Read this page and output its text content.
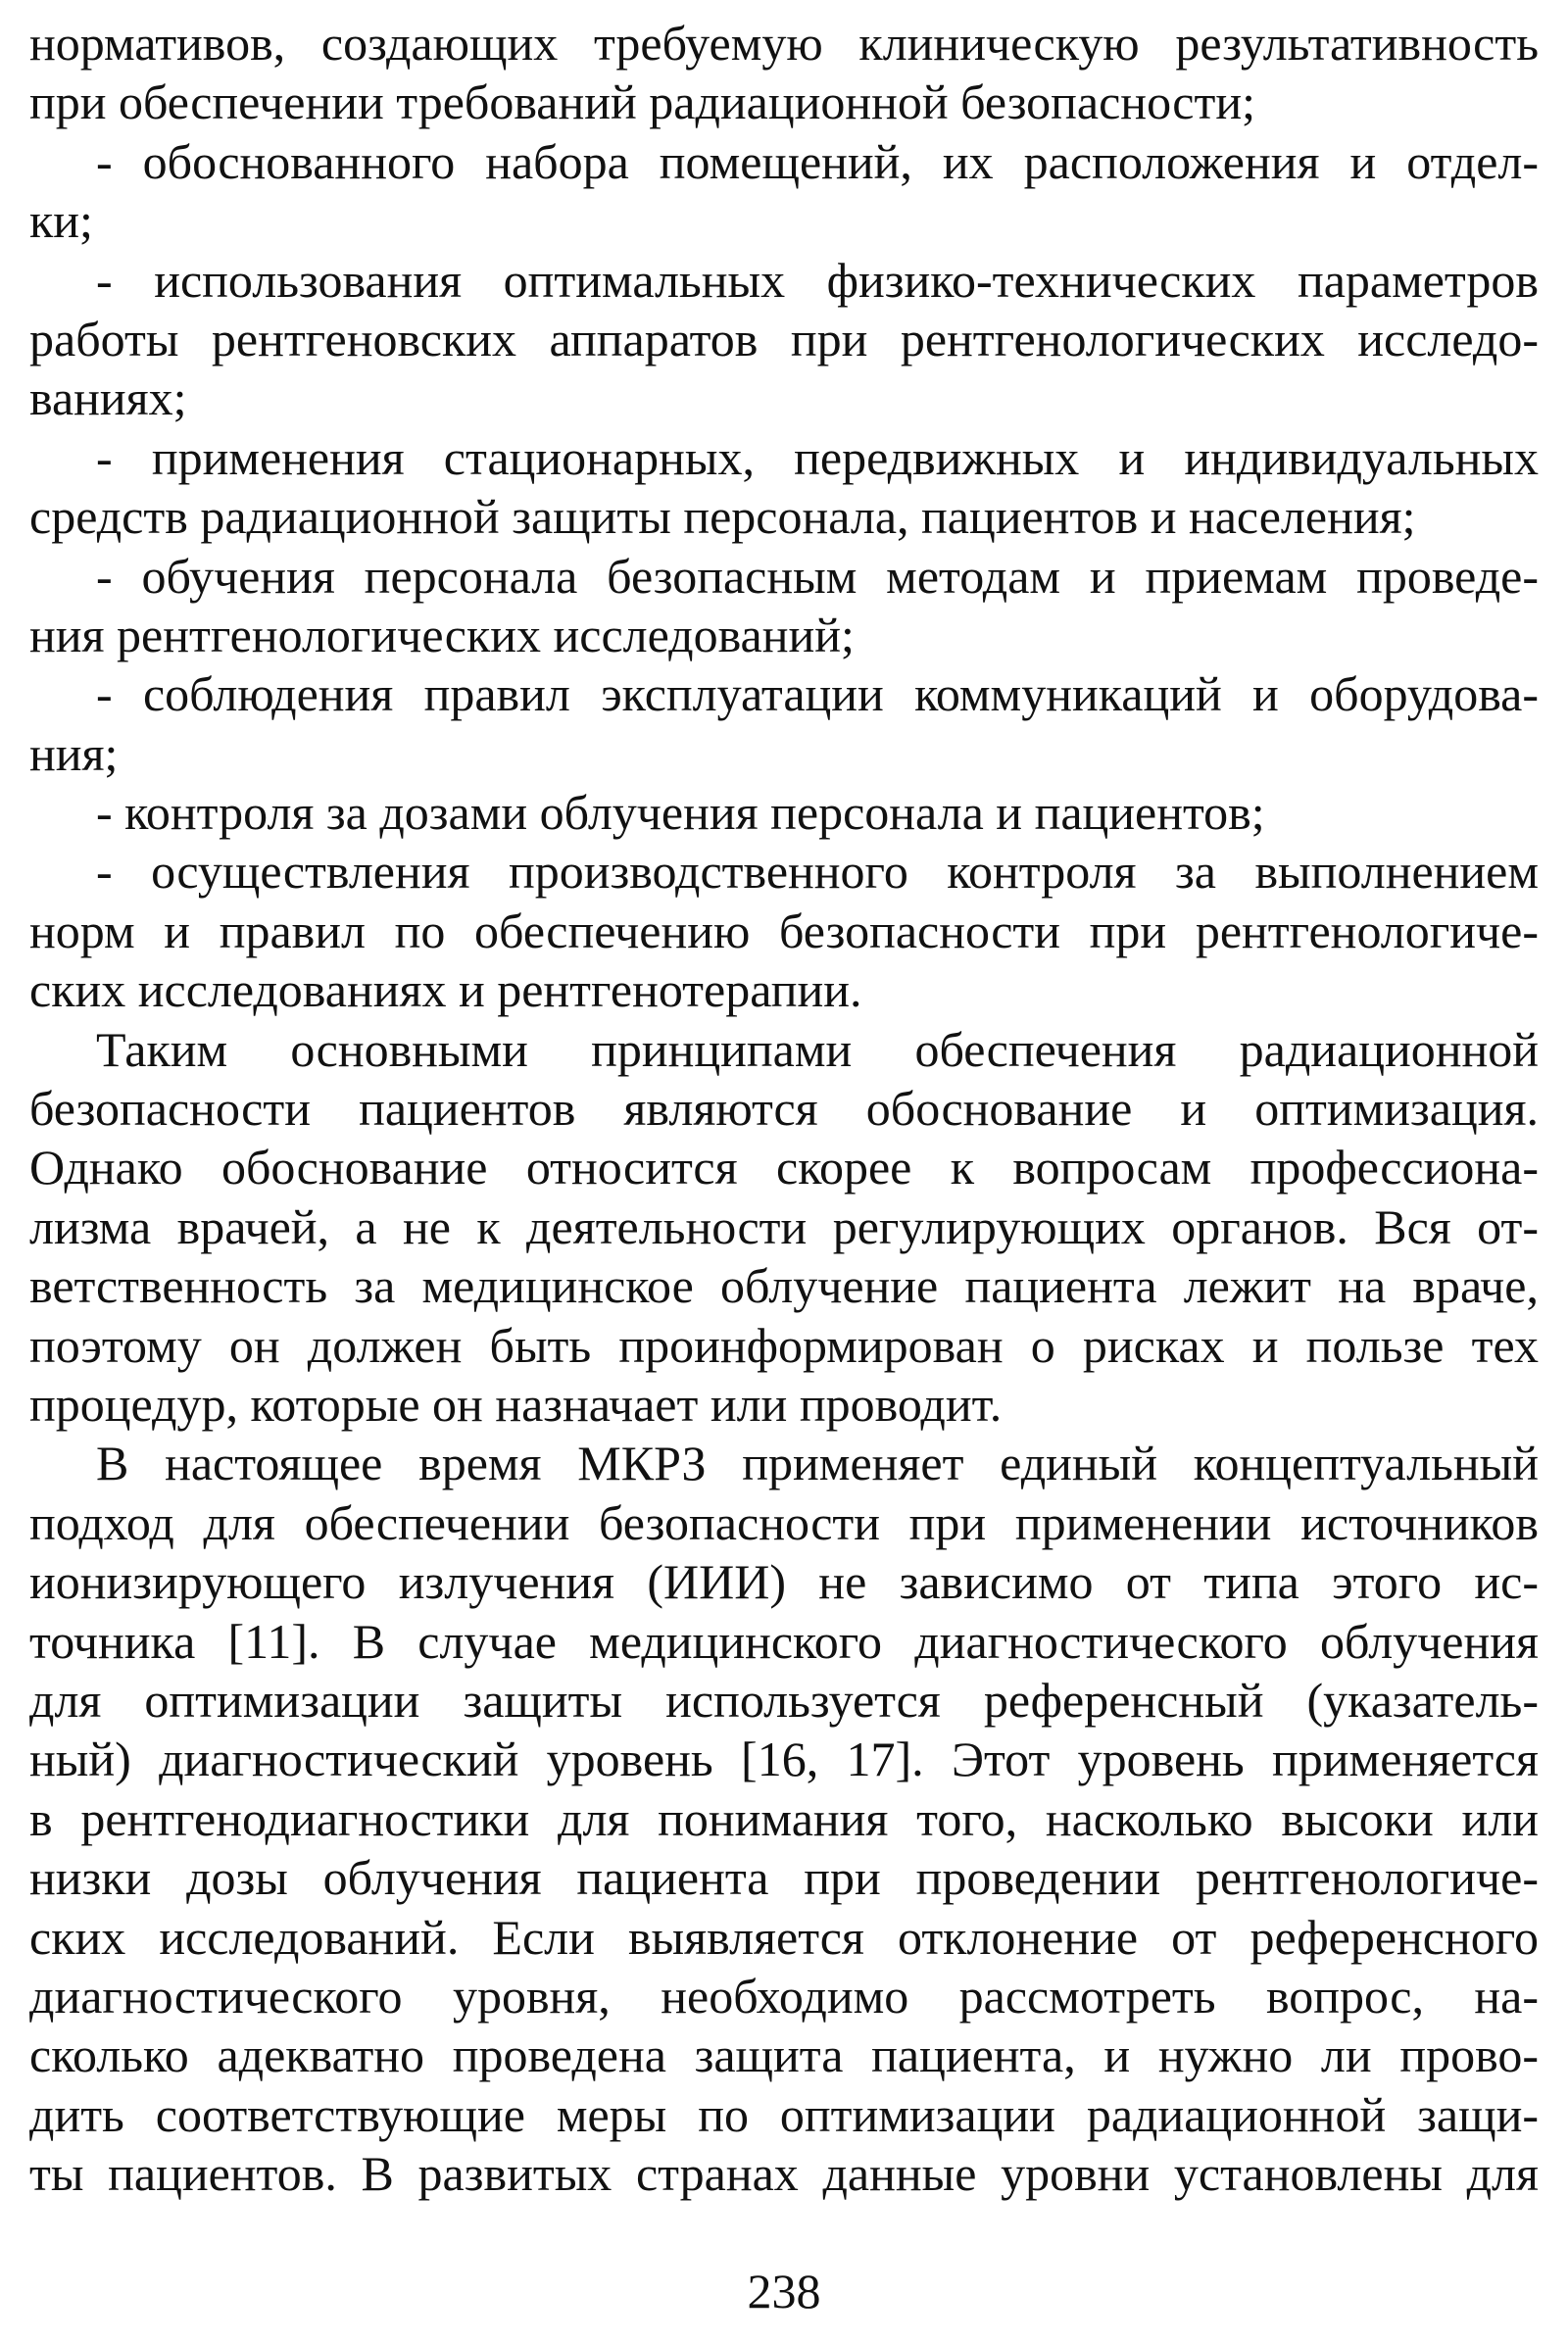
нормативов, создающих требуемую клиническую результативность
при обеспечении требований радиационной безопасности;
- обоснованного набора помещений, их расположения и отдел-
ки;
- использования оптимальных физико-технических параметров
работы рентгеновских аппаратов при рентгенологических исследо-
ваниях;
- применения стационарных, передвижных и индивидуальных
средств радиационной защиты персонала, пациентов и населения;
- обучения персонала безопасным методам и приемам проведе-
ния рентгенологических исследований;
- соблюдения правил эксплуатации коммуникаций и оборудова-
ния;
- контроля за дозами облучения персонала и пациентов;
- осуществления производственного контроля за выполнением
норм и правил по обеспечению безопасности при рентгенологиче-
ских исследованиях и рентгенотерапии.
Таким основными принципами обеспечения радиационной
безопасности пациентов являются обоснование и оптимизация.
Однако обоснование относится скорее к вопросам профессиона-
лизма врачей, а не к деятельности регулирующих органов. Вся от-
ветственность за медицинское облучение пациента лежит на враче,
поэтому он должен быть проинформирован о рисках и пользе тех
процедур, которые он назначает или проводит.
В настоящее время МКРЗ применяет единый концептуальный
подход для обеспечении безопасности при применении источников
ионизирующего излучения (ИИИ) не зависимо от типа этого ис-
точника [11]. В случае медицинского диагностического облучения
для оптимизации защиты используется референсный (указатель-
ный) диагностический уровень [16, 17]. Этот уровень применяется
в рентгенодиагностики для понимания того, насколько высоки или
низки дозы облучения пациента при проведении рентгенологиче-
ских исследований. Если выявляется отклонение от референсного
диагностического уровня, необходимо рассмотреть вопрос, на-
сколько адекватно проведена защита пациента, и нужно ли прово-
дить соответствующие меры по оптимизации радиационной защи-
ты пациентов. В развитых странах данные уровни установлены для
238
